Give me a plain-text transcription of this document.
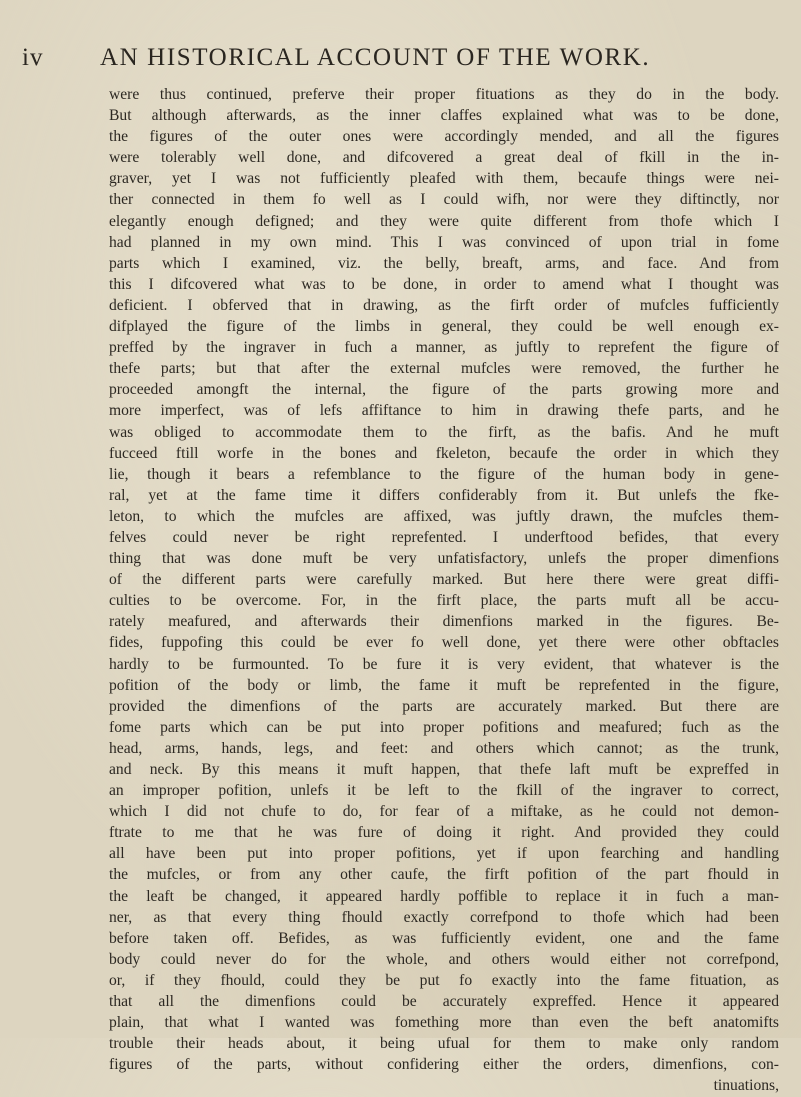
iv AN HISTORICAL ACCOUNT OF THE WORK.
were thus continued, preferve their proper fituations as they do in the body.
But although afterwards, as the inner claffes explained what was to be done,
the figures of the outer ones were accordingly mended, and all the figures
were tolerably well done, and difcovered a great deal of fkill in the in-
graver, yet I was not fufficiently pleafed with them, becaufe things were nei-
ther connected in them fo well as I could wifh, nor were they diftinctly, nor
elegantly enough defigned; and they were quite different from thofe which I
had planned in my own mind. This I was convinced of upon trial in fome
parts which I examined, viz. the belly, breaft, arms, and face. And from
this I difcovered what was to be done, in order to amend what I thought was
deficient. I obferved that in drawing, as the firft order of mufcles fufficiently
difplayed the figure of the limbs in general, they could be well enough ex-
preffed by the ingraver in fuch a manner, as juftly to reprefent the figure of
thefe parts; but that after the external mufcles were removed, the further he
proceeded amongft the internal, the figure of the parts growing more and
more imperfect, was of lefs affiftance to him in drawing thefe parts, and he
was obliged to accommodate them to the firft, as the bafis. And he muft
fucceed ftill worfe in the bones and fkeleton, becaufe the order in which they
lie, though it bears a refemblance to the figure of the human body in gene-
ral, yet at the fame time it differs confiderably from it. But unlefs the fke-
leton, to which the mufcles are affixed, was juftly drawn, the mufcles them-
felves could never be right reprefented. I underftood befides, that every
thing that was done muft be very unfatisfactory, unlefs the proper dimenfions
of the different parts were carefully marked. But here there were great diffi-
culties to be overcome. For, in the firft place, the parts muft all be accu-
rately meafured, and afterwards their dimenfions marked in the figures. Be-
fides, fuppofing this could be ever fo well done, yet there were other obftacles
hardly to be furmounted. To be fure it is very evident, that whatever is the
pofition of the body or limb, the fame it muft be reprefented in the figure,
provided the dimenfions of the parts are accurately marked. But there are
fome parts which can be put into proper pofitions and meafured; fuch as the
head, arms, hands, legs, and feet: and others which cannot; as the trunk,
and neck. By this means it muft happen, that thefe laft muft be expreffed in
an improper pofition, unlefs it be left to the fkill of the ingraver to correct,
which I did not chufe to do, for fear of a miftake, as he could not demon-
ftrate to me that he was fure of doing it right. And provided they could
all have been put into proper pofitions, yet if upon fearching and handling
the mufcles, or from any other caufe, the firft pofition of the part fhould in
the leaft be changed, it appeared hardly poffible to replace it in fuch a man-
ner, as that every thing fhould exactly correfpond to thofe which had been
before taken off. Befides, as was fufficiently evident, one and the fame
body could never do for the whole, and others would either not correfpond,
or, if they fhould, could they be put fo exactly into the fame fituation, as
that all the dimenfions could be accurately expreffed. Hence it appeared
plain, that what I wanted was fomething more than even the beft anatomifts
trouble their heads about, it being ufual for them to make only random
figures of the parts, without confidering either the orders, dimenfions, con-
tinuations,
